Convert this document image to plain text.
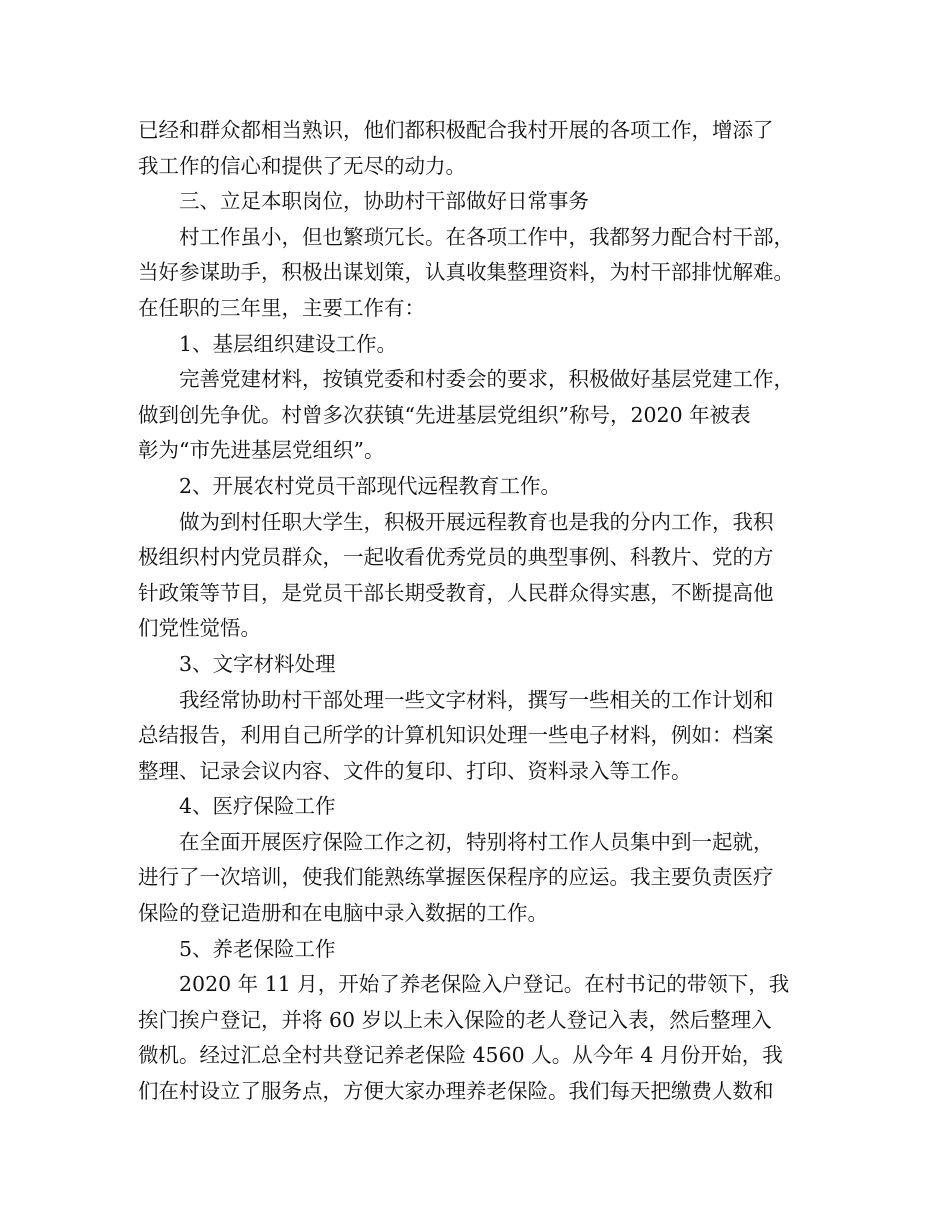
已经和群众都相当熟识，他们都积极配合我村开展的各项工作，增添了

我工作的信心和提供了无尽的动力。

　　三、立足本职岗位，协助村干部做好日常事务

　　村工作虽小，但也繁琐冗长。在各项工作中，我都努力配合村干部，

当好参谋助手，积极出谋划策，认真收集整理资料，为村干部排忧解难。

在任职的三年里，主要工作有：

　　1、基层组织建设工作。

　　完善党建材料，按镇党委和村委会的要求，积极做好基层党建工作，

做到创先争优。村曾多次获镇“先进基层党组织”称号，2020 年被表

彰为“市先进基层党组织”。

　　2、开展农村党员干部现代远程教育工作。

　　做为到村任职大学生，积极开展远程教育也是我的分内工作，我积

极组织村内党员群众，一起收看优秀党员的典型事例、科教片、党的方

针政策等节目，是党员干部长期受教育，人民群众得实惠，不断提高他

们党性觉悟。

　　3、文字材料处理

　　我经常协助村干部处理一些文字材料，撰写一些相关的工作计划和

总结报告，利用自己所学的计算机知识处理一些电子材料，例如：档案

整理、记录会议内容、文件的复印、打印、资料录入等工作。

　　4、医疗保险工作

　　在全面开展医疗保险工作之初，特别将村工作人员集中到一起就，

进行了一次培训，使我们能熟练掌握医保程序的应运。我主要负责医疗

保险的登记造册和在电脑中录入数据的工作。

　　5、养老保险工作

　　2020 年 11 月，开始了养老保险入户登记。在村书记的带领下，我

挨门挨户登记，并将 60 岁以上未入保险的老人登记入表，然后整理入

微机。经过汇总全村共登记养老保险 4560 人。从今年 4 月份开始，我

们在村设立了服务点，方便大家办理养老保险。我们每天把缴费人数和
